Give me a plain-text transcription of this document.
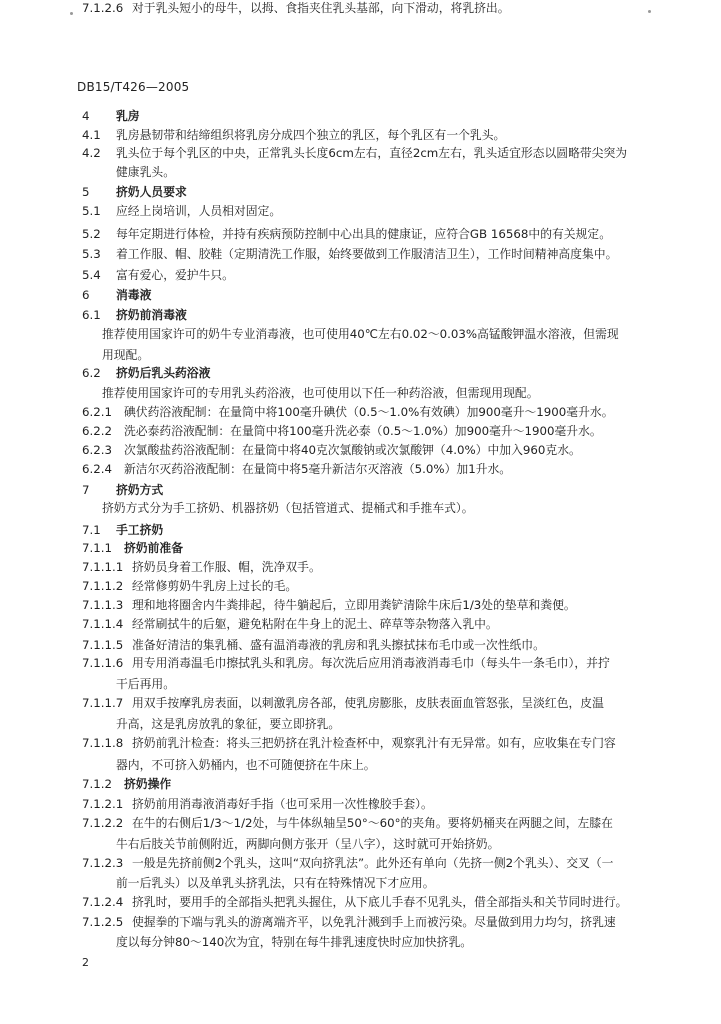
DB15/T426—2005
4 乳房
4.1 乳房悬韧带和结缔组织将乳房分成四个独立的乳区，每个乳区有一个乳头。
4.2 乳头位于每个乳区的中央，正常乳头长度6cm左右，直径2cm左右，乳头适宜形态以圆略带尖突为
健康乳头。
5 挤奶人员要求
5.1 应经上岗培训，人员相对固定。
5.2 每年定期进行体检，并持有疾病预防控制中心出具的健康证，应符合GB 16568中的有关规定。
5.3 着工作服、帽、胶鞋（定期清洗工作服，始终要做到工作服清洁卫生），工作时间精神高度集中。
5.4 富有爱心，爱护牛只。
6 消毒液
6.1 挤奶前消毒液
推荐使用国家许可的奶牛专业消毒液，也可使用40℃左右0.02～0.03%高锰酸钾温水溶液，但需现
用现配。
6.2 挤奶后乳头药浴液
推荐使用国家许可的专用乳头药浴液，也可使用以下任一种药浴液，但需现用现配。
6.2.1 碘伏药浴液配制：在量筒中将100毫升碘伏（0.5～1.0%有效碘）加900毫升～1900毫升水。
6.2.2 洗必泰药浴液配制：在量筒中将100毫升洗必泰（0.5～1.0%）加900毫升～1900毫升水。
6.2.3 次氯酸盐药浴液配制：在量筒中将40克次氯酸钠或次氯酸钾（4.0%）中加入960克水。
6.2.4 新洁尔灭药浴液配制：在量筒中将5毫升新洁尔灭溶液（5.0%）加1升水。
7 挤奶方式
挤奶方式分为手工挤奶、机器挤奶（包括管道式、提桶式和手推车式）。
7.1 手工挤奶
7.1.1 挤奶前准备
7.1.1.1 挤奶员身着工作服、帽，洗净双手。
7.1.1.2 经常修剪奶牛乳房上过长的毛。
7.1.1.3 理和地将圈舍内牛粪排起，待牛躺起后，立即用粪铲清除牛床后1/3处的垫草和粪便。
7.1.1.4 经常刷拭牛的后躯，避免粘附在牛身上的泥土、碎草等杂物落入乳中。
7.1.1.5 准备好清洁的集乳桶、盛有温消毒液的乳房和乳头擦拭抹布毛巾或一次性纸巾。
7.1.1.6 用专用消毒温毛巾擦拭乳头和乳房。每次洗后应用消毒液消毒毛巾（每头牛一条毛巾），并拧
干后再用。
7.1.1.7 用双手按摩乳房表面，以刺激乳房各部，使乳房膨胀，皮肤表面血管怒张，呈淡红色，皮温
升高，这是乳房放乳的象征，要立即挤乳。
7.1.1.8 挤奶前乳汁检查：将头三把奶挤在乳汁检查杯中，观察乳汁有无异常。如有，应收集在专门容
器内，不可挤入奶桶内，也不可随便挤在牛床上。
7.1.2 挤奶操作
7.1.2.1 挤奶前用消毒液消毒好手指（也可采用一次性橡胶手套）。
7.1.2.2 在牛的右侧后1/3～1/2处，与牛体纵轴呈50°～60°的夹角。要将奶桶夹在两腿之间，左膝在
牛右后肢关节前侧附近，两脚向侧方张开（呈八字），这时就可开始挤奶。
7.1.2.3 一般是先挤前侧2个乳头，这叫“双向挤乳法”。此外还有单向（先挤一侧2个乳头）、交叉（一
前一后乳头）以及单乳头挤乳法，只有在特殊情况下才应用。
7.1.2.4 挤乳时，要用手的全部指头把乳头握住，从下底儿手春不见乳头，借全部指头和关节同时进行。
7.1.2.5 使握拳的下端与乳头的游离端齐平，以免乳汁溅到手上而被污染。尽量做到用力均匀，挤乳速
度以每分钟80～140次为宜，特别在每牛排乳速度快时应加快挤乳。
7.1.2.6 对于乳头短小的母牛，以拇、食指夹住乳头基部，向下滑动，将乳挤出。
2
